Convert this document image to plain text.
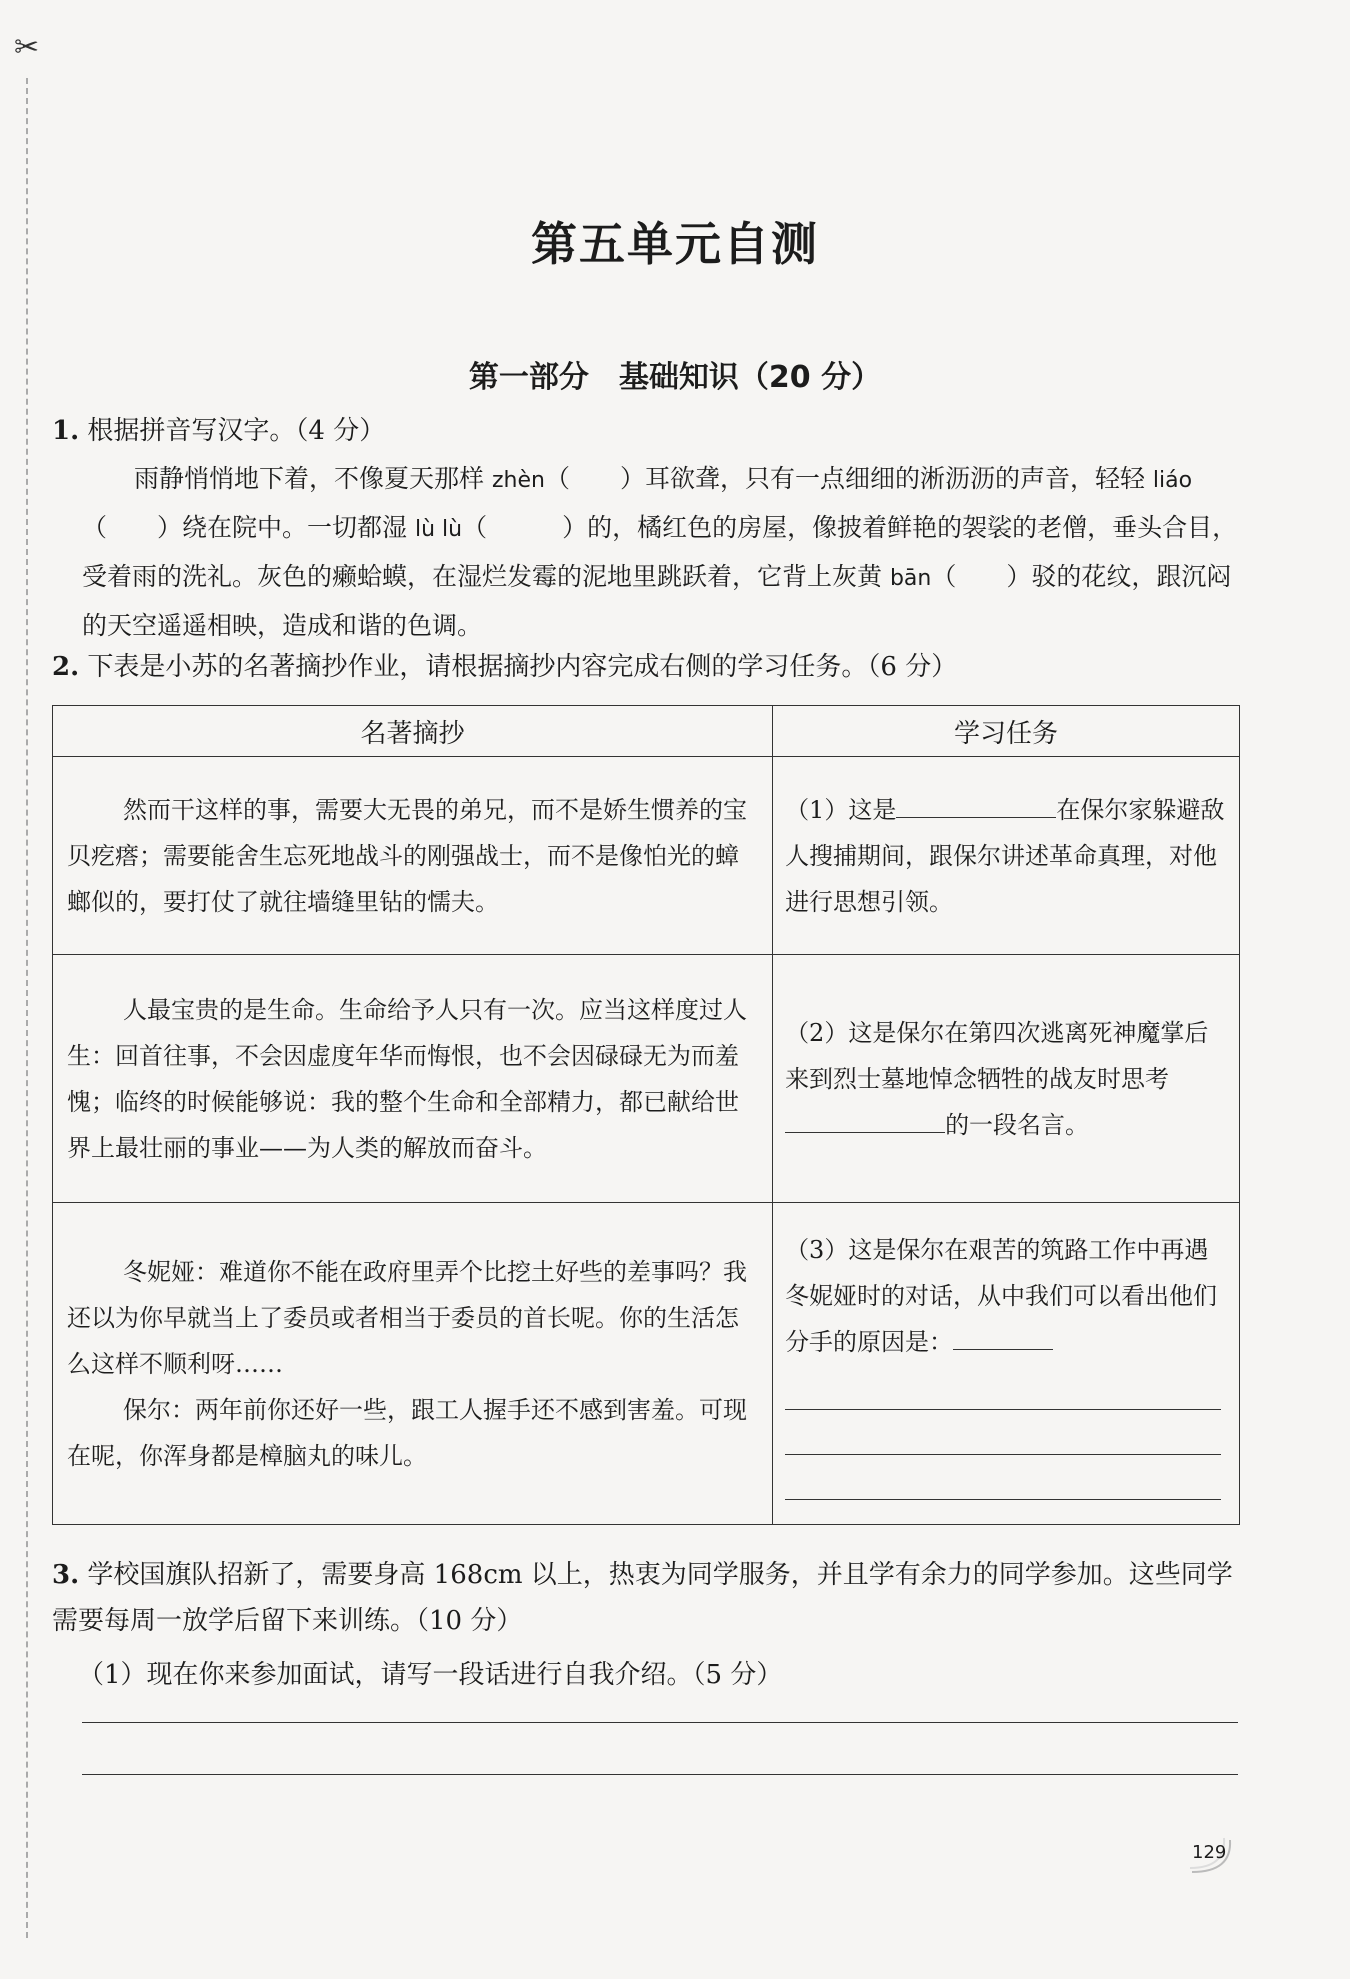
✂
第五单元自测
第一部分　基础知识（20 分）
1. 根据拼音写汉字。（4 分）
雨静悄悄地下着，不像夏天那样 zhèn（　　）耳欲聋，只有一点细细的淅沥沥的声音，轻轻 liáo（　　）绕在院中。一切都湿 lù lù（　　　）的，橘红色的房屋，像披着鲜艳的袈裟的老僧，垂头合目，受着雨的洗礼。灰色的癞蛤蟆，在湿烂发霉的泥地里跳跃着，它背上灰黄 bān（　　）驳的花纹，跟沉闷的天空遥遥相映，造成和谐的色调。
2. 下表是小苏的名著摘抄作业，请根据摘抄内容完成右侧的学习任务。（6 分）
名著摘抄	学习任务

然而干这样的事，需要大无畏的弟兄，而不是娇生惯养的宝贝疙瘩；需要能舍生忘死地战斗的刚强战士，而不是像怕光的蟑螂似的，要打仗了就往墙缝里钻的懦夫。	（1）这是 在保尔家躲避敌人搜捕期间，跟保尔讲述革命真理，对他进行思想引领。

人最宝贵的是生命。生命给予人只有一次。应当这样度过人生：回首往事，不会因虚度年华而悔恨，也不会因碌碌无为而羞愧；临终的时候能够说：我的整个生命和全部精力，都已献给世界上最壮丽的事业——为人类的解放而奋斗。	（2）这是保尔在第四次逃离死神魔掌后来到烈士墓地悼念牺牲的战友时思考的一段名言。

冬妮娅：难道你不能在政府里弄个比挖土好些的差事吗？我还以为你早就当上了委员或者相当于委员的首长呢。你的生活怎么这样不顺利呀……

保尔：两年前你还好一些，跟工人握手还不感到害羞。可现在呢，你浑身都是樟脑丸的味儿。	（3）这是保尔在艰苦的筑路工作中再遇冬妮娅时的对话，从中我们可以看出他们分手的原因是：
3. 学校国旗队招新了，需要身高 168cm 以上，热衷为同学服务，并且学有余力的同学参加。这些同学需要每周一放学后留下来训练。（10 分）
（1）现在你来参加面试，请写一段话进行自我介绍。（5 分）
129
